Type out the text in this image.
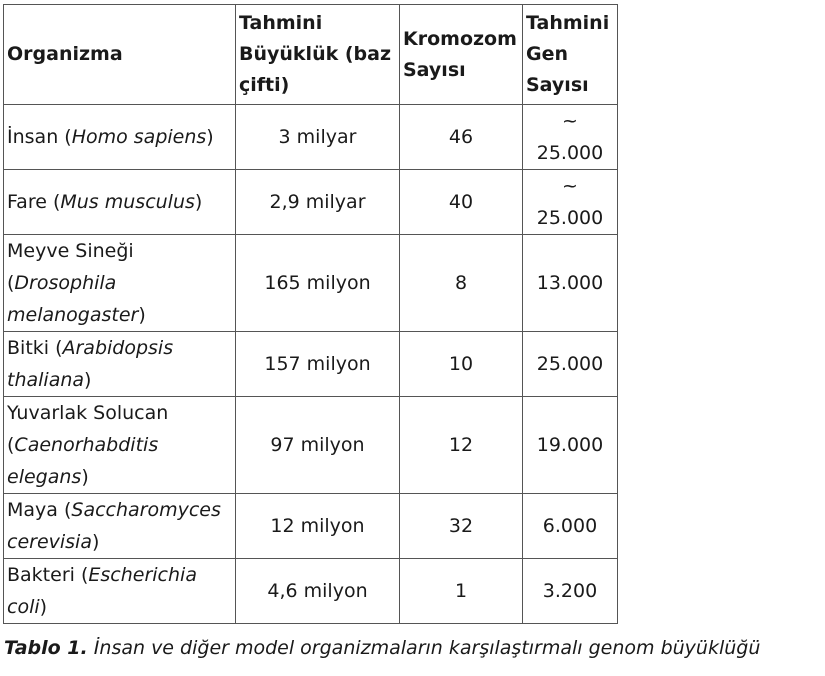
Organizma	Tahmini Büyüklük (baz çifti)	Kromozom Sayısı	Tahmini Gen Sayısı
İnsan (Homo sapiens)	3 milyar	46	~ 25.000
Fare (Mus musculus)	2,9 milyar	40	~ 25.000
Meyve Sineği (Drosophila melanogaster)	165 milyon	8	13.000
Bitki (Arabidopsis thaliana)	157 milyon	10	25.000
Yuvarlak Solucan (Caenorhabditis elegans)	97 milyon	12	19.000
Maya (Saccharomyces cerevisia)	12 milyon	32	6.000
Bakteri (Escherichia coli)	4,6 milyon	1	3.200
Tablo 1. İnsan ve diğer model organizmaların karşılaştırmalı genom büyüklüğü
